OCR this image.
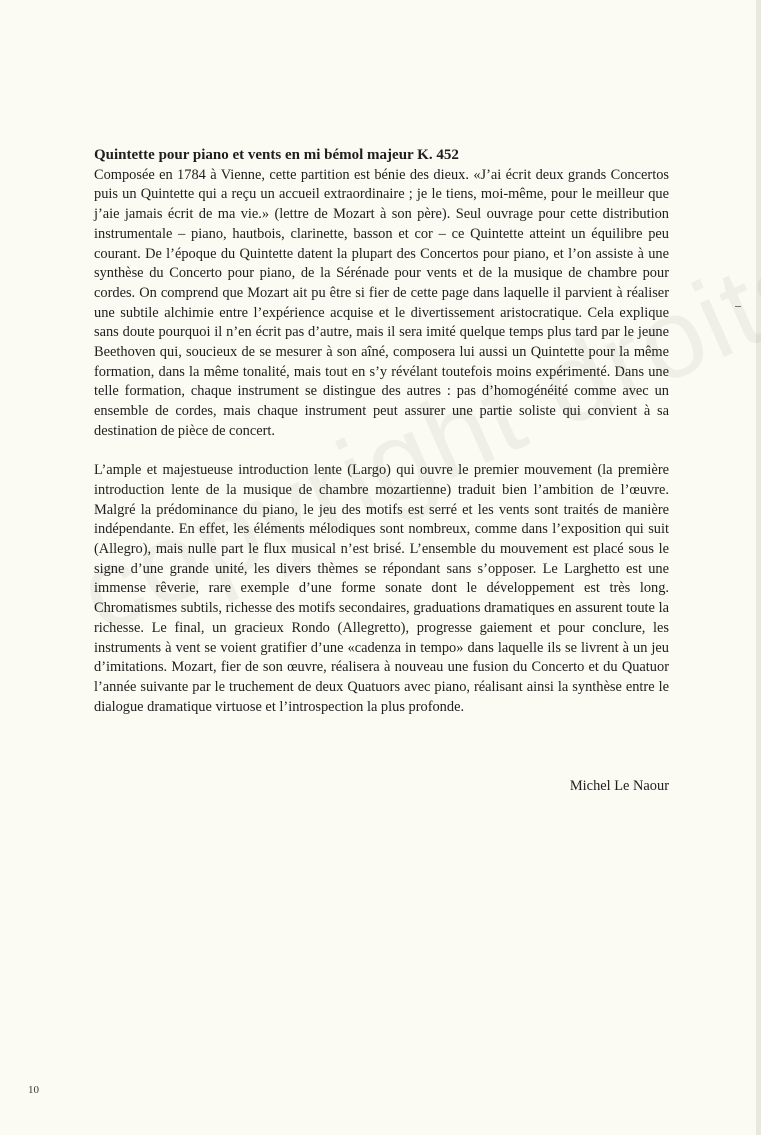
Quintette pour piano et vents en mi bémol majeur K. 452

Composée en 1784 à Vienne, cette partition est bénie des dieux. «J’ai écrit deux grands Concertos puis un Quintette qui a reçu un accueil extraordinaire ; je le tiens, moi-même, pour le meilleur que j’aie jamais écrit de ma vie.» (lettre de Mozart à son père). Seul ouvrage pour cette distribution instrumentale – piano, hautbois, clarinette, basson et cor – ce Quintette atteint un équilibre peu courant. De l’époque du Quintette datent la plupart des Concertos pour piano, et l’on assiste à une synthèse du Concerto pour piano, de la Sérénade pour vents et de la musique de chambre pour cordes. On comprend que Mozart ait pu être si fier de cette page dans laquelle il parvient à réaliser une subtile alchimie entre l’expérience acquise et le divertissement aristocratique. Cela explique sans doute pourquoi il n’en écrit pas d’autre, mais il sera imité quelque temps plus tard par le jeune Beethoven qui, soucieux de se mesurer à son aîné, composera lui aussi un Quintette pour la même formation, dans la même tonalité, mais tout en s’y révélant toutefois moins expérimenté. Dans une telle formation, chaque instrument se distingue des autres : pas d’homogénéité comme avec un ensemble de cordes, mais chaque instrument peut assurer une partie soliste qui convient à sa destination de pièce de concert.

L’ample et majestueuse introduction lente (Largo) qui ouvre le premier mouvement (la première introduction lente de la musique de chambre mozartienne) traduit bien l’ambition de l’œuvre. Malgré la prédominance du piano, le jeu des motifs est serré et les vents sont traités de manière indépendante. En effet, les éléments mélodiques sont nombreux, comme dans l’exposition qui suit (Allegro), mais nulle part le flux musical n’est brisé. L’ensemble du mouvement est placé sous le signe d’une grande unité, les divers thèmes se répondant sans s’opposer. Le Larghetto est une immense rêverie, rare exemple d’une forme sonate dont le développement est très long. Chromatismes subtils, richesse des motifs secondaires, graduations dramatiques en assurent toute la richesse. Le final, un gracieux Rondo (Allegretto), progresse gaiement et pour conclure, les instruments à vent se voient gratifier d’une «cadenza in tempo» dans laquelle ils se livrent à un jeu d’imitations. Mozart, fier de son œuvre, réalisera à nouveau une fusion du Concerto et du Quatuor l’année suivante par le truchement de deux Quatuors avec piano, réalisant ainsi la synthèse entre le dialogue dramatique virtuose et l’introspection la plus profonde.

Michel Le Naour
10
